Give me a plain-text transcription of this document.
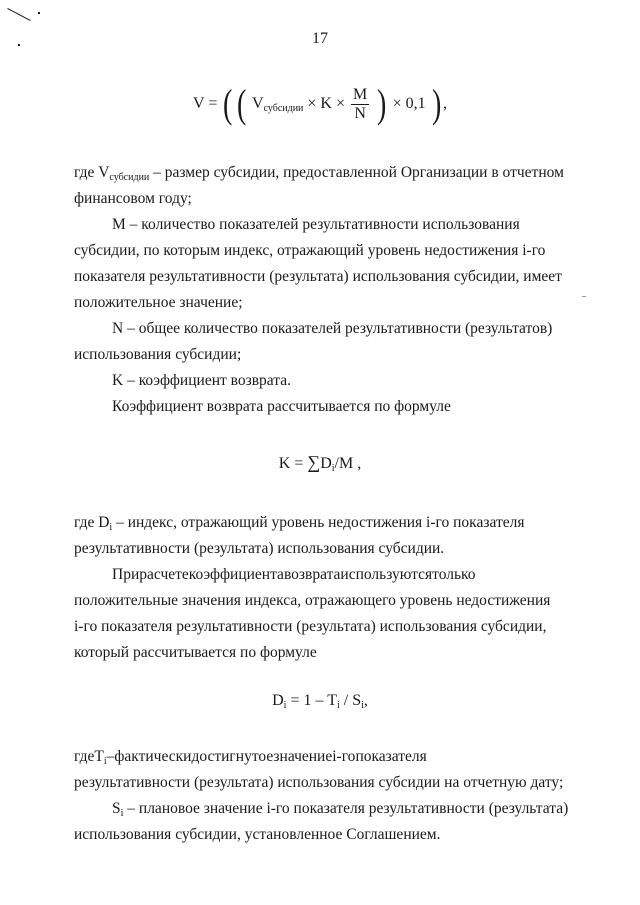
17
V = (( $V_{субсидии} \times K \times \frac{M}{N}$ ) × 0,1 ) ,
где $V_{субсидии}$ – размер субсидии, предоставленной Организации в отчетном
финансовом году;
M – количество показателей результативности использования
субсидии, по которым индекс, отражающий уровень недостижения i-го
показателя результативности (результата) использования субсидии, имеет
положительное значение;
N – общее количество показателей результативности (результатов)
использования субсидии;
K – коэффициент возврата.
Коэффициент возврата рассчитывается по формуле
$K = \sum D_i/M$ ,
где $D_i$ – индекс, отражающий уровень недостижения i-го показателя
результативности (результата) использования субсидии.
Прирасчетекоэффициентавозвратаиспользуютсятолько
положительные значения индекса, отражающего уровень недостижения
i-го показателя результативности (результата) использования субсидии,
который рассчитывается по формуле
$D_i = 1 - T_i / S_i$,
гдеT$_i$–фактическидостигнутоезначениеi-гопоказателя
результативности (результата) использования субсидии на отчетную дату;
$S_i$ – плановое значение i-го показателя результативности (результата)
использования субсидии, установленное Соглашением.
